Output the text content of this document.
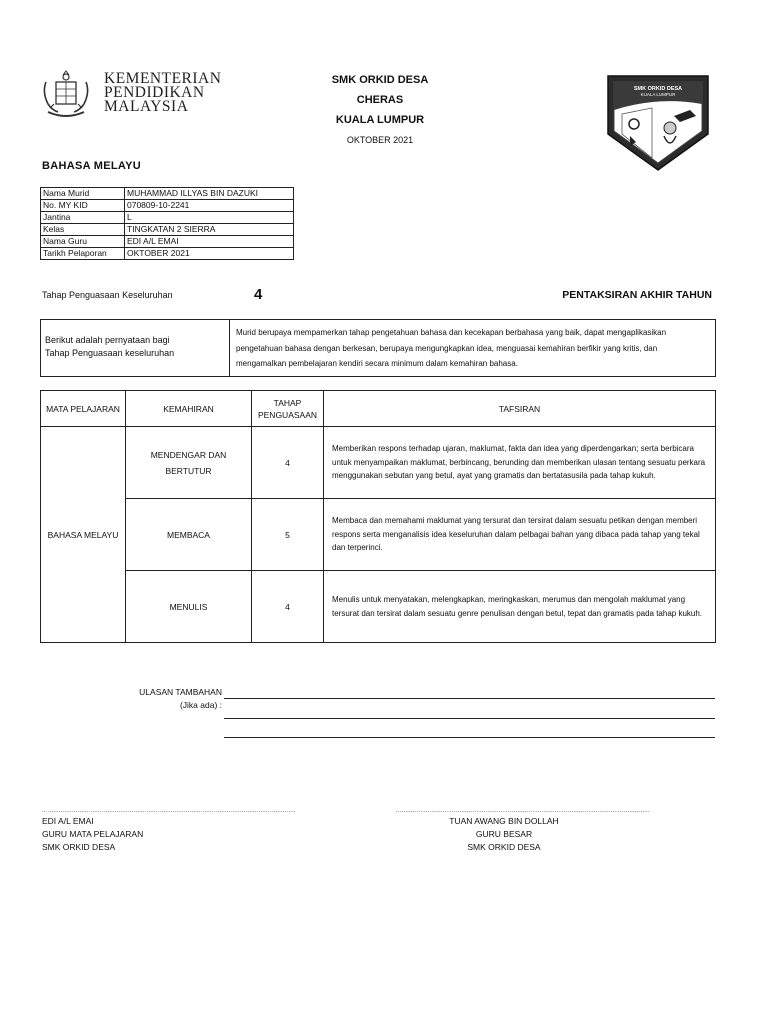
KEMENTERIAN
PENDIDIKAN
MALAYSIA
SMK ORKID DESA
CHERAS
KUALA LUMPUR
OKTOBER 2021
SMK ORKID DESA
KUALA LUMPUR
BAHASA MELAYU
Nama Murid	MUHAMMAD ILLYAS BIN DAZUKI
No. MY KID	070809-10-2241
Jantina	L
Kelas	TINGKATAN 2 SIERRA
Nama Guru	EDI A/L EMAI
Tarikh Pelaporan	OKTOBER 2021
Tahap Penguasaan Keseluruhan	4	PENTAKSIRAN AKHIR TAHUN
Berikut adalah pernyataan bagi
Tahap Penguasaan keseluruhan
Murid berupaya mempamerkan tahap pengetahuan bahasa dan kecekapan berbahasa yang baik, dapat mengaplikasikan pengetahuan bahasa dengan berkesan, berupaya mengungkapkan idea, menguasai kemahiran berfikir yang kritis, dan mengamalkan pembelajaran kendiri secara minimum dalam kemahiran bahasa.
MATA PELAJARAN	KEMAHIRAN	TAHAP PENGUASAAN	TAFSIRAN
BAHASA MELAYU	MENDENGAR DAN BERTUTUR	4	Memberikan respons terhadap ujaran, maklumat, fakta dan idea yang diperdengarkan; serta berbicara untuk menyampaikan maklumat, berbincang, berunding dan memberikan ulasan tentang sesuatu perkara menggunakan sebutan yang betul, ayat yang gramatis dan bertatasusila pada tahap kukuh.
	MEMBACA	5	Membaca dan memahami maklumat yang tersurat dan tersirat dalam sesuatu petikan dengan memberi respons serta menganalisis idea keseluruhan dalam pelbagai bahan yang dibaca pada tahap yang tekal dan terperinci.
	MENULIS	4	Menulis untuk menyatakan, melengkapkan, meringkaskan, merumus dan mengolah maklumat yang tersurat dan tersirat dalam sesuatu genre penulisan dengan betul, tepat dan gramatis pada tahap kukuh.
ULASAN TAMBAHAN
(Jika ada) :
........................................................................................................................................	........................................................................................................................................
EDI A/L EMAI
GURU MATA PELAJARAN
SMK ORKID DESA
TUAN AWANG BIN DOLLAH
GURU BESAR
SMK ORKID DESA
